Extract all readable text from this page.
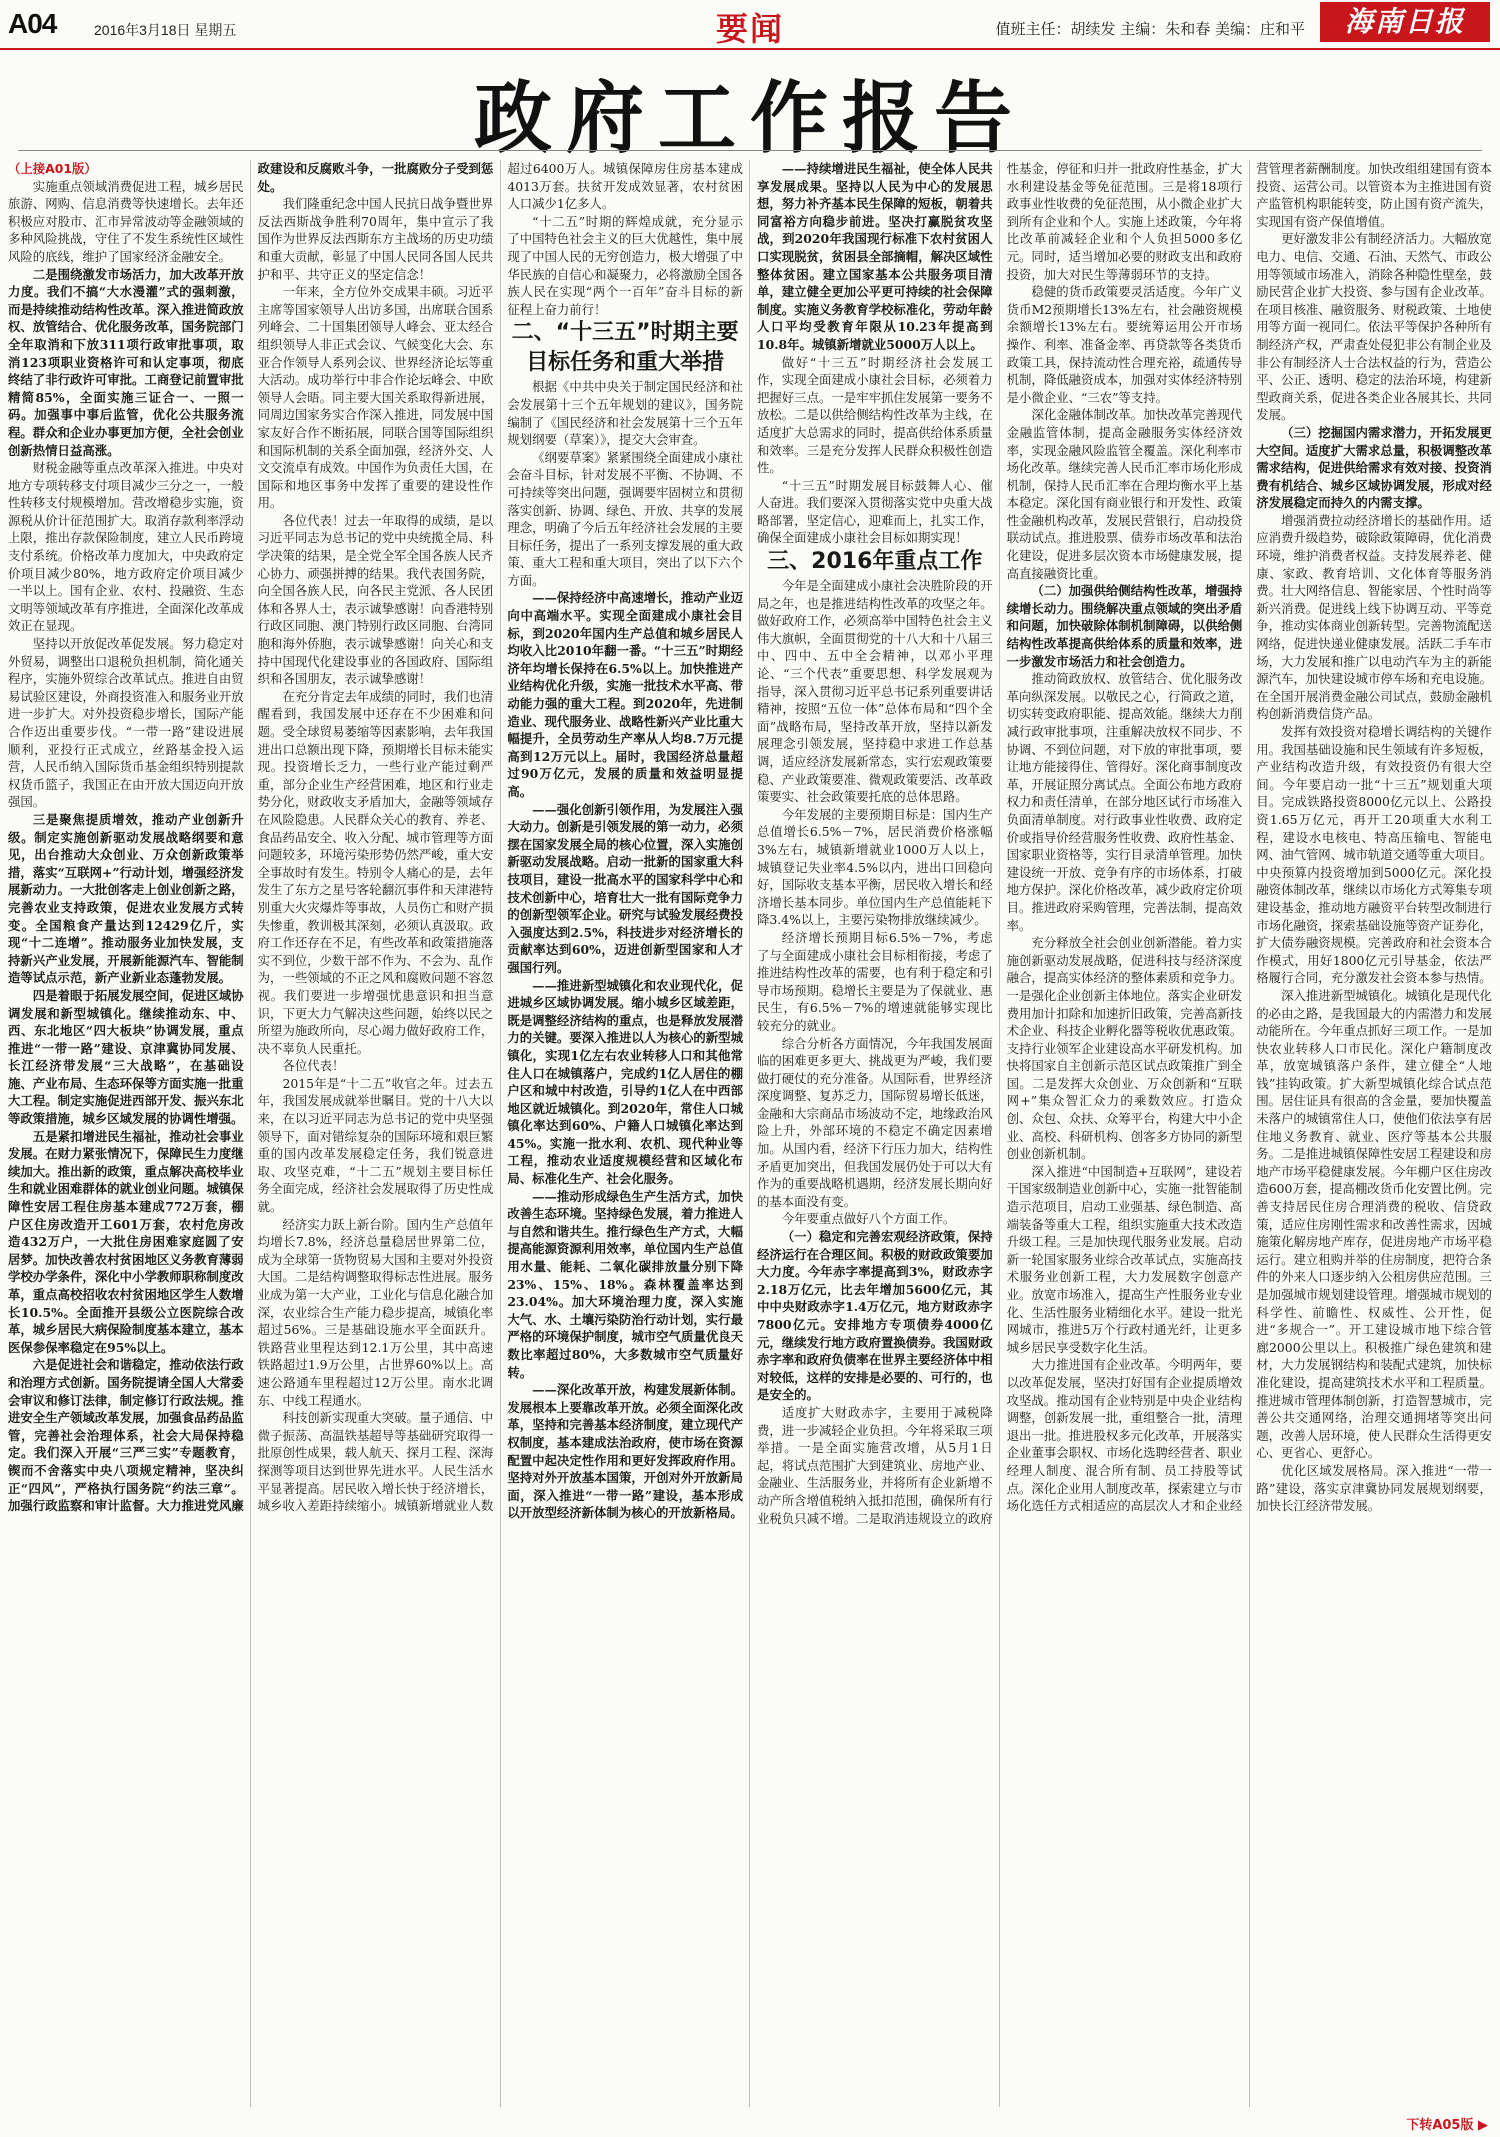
A04	2016年3月18日 星期五	要闻	值班主任：胡续发 主编：朱和春 美编：庄和平	海南日报
政府工作报告

（上接A01版）

实施重点领域消费促进工程，城乡居民旅游、网购、信息消费等快速增长。去年还积极应对股市、汇市异常波动等金融领域的多种风险挑战，守住了不发生系统性区域性风险的底线，维护了国家经济金融安全。

二是围绕激发市场活力，加大改革开放力度。我们不搞“大水漫灌”式的强刺激，而是持续推动结构性改革。深入推进简政放权、放管结合、优化服务改革，国务院部门全年取消和下放311项行政审批事项，取消123项职业资格许可和认定事项，彻底终结了非行政许可审批。工商登记前置审批精简85%，全面实施三证合一、一照一码。加强事中事后监管，优化公共服务流程。群众和企业办事更加方便，全社会创业创新热情日益高涨。

财税金融等重点改革深入推进。中央对地方专项转移支付项目减少三分之一，一般性转移支付规模增加。营改增稳步实施，资源税从价计征范围扩大。取消存款利率浮动上限，推出存款保险制度，建立人民币跨境支付系统。价格改革力度加大，中央政府定价项目减少80%，地方政府定价项目减少一半以上。国有企业、农村、投融资、生态文明等领域改革有序推进，全面深化改革成效正在显现。

坚持以开放促改革促发展。努力稳定对外贸易，调整出口退税负担机制，简化通关程序，实施外贸综合改革试点。推进自由贸易试验区建设，外商投资准入和服务业开放进一步扩大。对外投资稳步增长，国际产能合作迈出重要步伐。“一带一路”建设进展顺利，亚投行正式成立，丝路基金投入运营，人民币纳入国际货币基金组织特别提款权货币篮子，我国正在由开放大国迈向开放强国。

三是聚焦提质增效，推动产业创新升级。制定实施创新驱动发展战略纲要和意见，出台推动大众创业、万众创新政策举措，落实“互联网+”行动计划，增强经济发展新动力。一大批创客走上创业创新之路，完善农业支持政策，促进农业发展方式转变。全国粮食产量达到12429亿斤，实现“十二连增”。推动服务业加快发展，支持新兴产业发展，开展新能源汽车、智能制造等试点示范，新产业新业态蓬勃发展。

四是着眼于拓展发展空间，促进区域协调发展和新型城镇化。继续推动东、中、西、东北地区“四大板块”协调发展，重点推进“一带一路”建设、京津冀协同发展、长江经济带发展“三大战略”，在基础设施、产业布局、生态环保等方面实施一批重大工程。制定实施促进西部开发、振兴东北等政策措施，城乡区域发展的协调性增强。

五是紧扣增进民生福祉，推动社会事业发展。在财力紧张情况下，保障民生力度继续加大。推出新的政策，重点解决高校毕业生和就业困难群体的就业创业问题。城镇保障性安居工程住房基本建成772万套，棚户区住房改造开工601万套，农村危房改造432万户，一大批住房困难家庭圆了安居梦。加快改善农村贫困地区义务教育薄弱学校办学条件，深化中小学教师职称制度改革，重点高校招收农村贫困地区学生人数增长10.5%。全面推开县级公立医院综合改革，城乡居民大病保险制度基本建立，基本医保参保率稳定在95%以上。

六是促进社会和谐稳定，推动依法行政和治理方式创新。国务院提请全国人大常委会审议和修订法律，制定修订行政法规。推进安全生产领域改革发展，加强食品药品监管，完善社会治理体系，社会大局保持稳定。我们深入开展“三严三实”专题教育，锲而不舍落实中央八项规定精神，坚决纠正“四风”，严格执行国务院“约法三章”。加强行政监察和审计监督。大力推进党风廉政建设和反腐败斗争，一批腐败分子受到惩处。

我们隆重纪念中国人民抗日战争暨世界反法西斯战争胜利70周年，集中宣示了我国作为世界反法西斯东方主战场的历史功绩和重大贡献，彰显了中国人民同各国人民共护和平、共守正义的坚定信念！

一年来，全方位外交成果丰硕。习近平主席等国家领导人出访多国，出席联合国系列峰会、二十国集团领导人峰会、亚太经合组织领导人非正式会议、气候变化大会、东亚合作领导人系列会议、世界经济论坛等重大活动。成功举行中非合作论坛峰会、中欧领导人会晤。同主要大国关系取得新进展，同周边国家务实合作深入推进，同发展中国家友好合作不断拓展，同联合国等国际组织和国际机制的关系全面加强，经济外交、人文交流卓有成效。中国作为负责任大国，在国际和地区事务中发挥了重要的建设性作用。

各位代表！过去一年取得的成绩，是以习近平同志为总书记的党中央统揽全局、科学决策的结果，是全党全军全国各族人民齐心协力、顽强拼搏的结果。我代表国务院，向全国各族人民，向各民主党派、各人民团体和各界人士，表示诚挚感谢！向香港特别行政区同胞、澳门特别行政区同胞、台湾同胞和海外侨胞，表示诚挚感谢！向关心和支持中国现代化建设事业的各国政府、国际组织和各国朋友，表示诚挚感谢！

在充分肯定去年成绩的同时，我们也清醒看到，我国发展中还存在不少困难和问题。受全球贸易萎缩等因素影响，去年我国进出口总额出现下降，预期增长目标未能实现。投资增长乏力，一些行业产能过剩严重，部分企业生产经营困难，地区和行业走势分化，财政收支矛盾加大，金融等领域存在风险隐患。人民群众关心的教育、养老、食品药品安全、收入分配、城市管理等方面问题较多，环境污染形势仍然严峻，重大安全事故时有发生。特别令人痛心的是，去年发生了东方之星号客轮翻沉事件和天津港特别重大火灾爆炸等事故，人员伤亡和财产损失惨重，教训极其深刻，必须认真汲取。政府工作还存在不足，有些改革和政策措施落实不到位，少数干部不作为、不会为、乱作为，一些领域的不正之风和腐败问题不容忽视。我们要进一步增强忧患意识和担当意识，下更大力气解决这些问题，始终以民之所望为施政所向，尽心竭力做好政府工作，决不辜负人民重托。

各位代表！

2015年是“十二五”收官之年。过去五年，我国发展成就举世瞩目。党的十八大以来，在以习近平同志为总书记的党中央坚强领导下，面对错综复杂的国际环境和艰巨繁重的国内改革发展稳定任务，我们锐意进取、攻坚克难，“十二五”规划主要目标任务全面完成，经济社会发展取得了历史性成就。

经济实力跃上新台阶。国内生产总值年均增长7.8%，经济总量稳居世界第二位，成为全球第一货物贸易大国和主要对外投资大国。二是结构调整取得标志性进展。服务业成为第一大产业，工业化与信息化融合加深，农业综合生产能力稳步提高，城镇化率超过56%。三是基础设施水平全面跃升。铁路营业里程达到12.1万公里，其中高速铁路超过1.9万公里，占世界60%以上。高速公路通车里程超过12万公里。南水北调东、中线工程通水。

科技创新实现重大突破。量子通信、中微子振荡、高温铁基超导等基础研究取得一批原创性成果，载人航天、探月工程、深海探测等项目达到世界先进水平。人民生活水平显著提高。居民收入增长快于经济增长，城乡收入差距持续缩小。城镇新增就业人数超过6400万人。城镇保障房住房基本建成4013万套。扶贫开发成效显著，农村贫困人口减少1亿多人。

“十二五”时期的辉煌成就，充分显示了中国特色社会主义的巨大优越性，集中展现了中国人民的无穷创造力，极大增强了中华民族的自信心和凝聚力，必将激励全国各族人民在实现“两个一百年”奋斗目标的新征程上奋力前行！

二、“十三五”时期主要目标任务和重大举措

根据《中共中央关于制定国民经济和社会发展第十三个五年规划的建议》，国务院编制了《国民经济和社会发展第十三个五年规划纲要（草案）》，提交大会审查。

《纲要草案》紧紧围绕全面建成小康社会奋斗目标，针对发展不平衡、不协调、不可持续等突出问题，强调要牢固树立和贯彻落实创新、协调、绿色、开放、共享的发展理念，明确了今后五年经济社会发展的主要目标任务，提出了一系列支撑发展的重大政策、重大工程和重大项目，突出了以下六个方面。

——保持经济中高速增长，推动产业迈向中高端水平。实现全面建成小康社会目标，到2020年国内生产总值和城乡居民人均收入比2010年翻一番。“十三五”时期经济年均增长保持在6.5%以上。加快推进产业结构优化升级，实施一批技术水平高、带动能力强的重大工程。到2020年，先进制造业、现代服务业、战略性新兴产业比重大幅提升，全员劳动生产率从人均8.7万元提高到12万元以上。届时，我国经济总量超过90万亿元，发展的质量和效益明显提高。

——强化创新引领作用，为发展注入强大动力。创新是引领发展的第一动力，必须摆在国家发展全局的核心位置，深入实施创新驱动发展战略。启动一批新的国家重大科技项目，建设一批高水平的国家科学中心和技术创新中心，培育壮大一批有国际竞争力的创新型领军企业。研究与试验发展经费投入强度达到2.5%，科技进步对经济增长的贡献率达到60%，迈进创新型国家和人才强国行列。

——推进新型城镇化和农业现代化，促进城乡区域协调发展。缩小城乡区域差距，既是调整经济结构的重点，也是释放发展潜力的关键。要深入推进以人为核心的新型城镇化，实现1亿左右农业转移人口和其他常住人口在城镇落户，完成约1亿人居住的棚户区和城中村改造，引导约1亿人在中西部地区就近城镇化。到2020年，常住人口城镇化率达到60%、户籍人口城镇化率达到45%。实施一批水利、农机、现代种业等工程，推动农业适度规模经营和区域化布局、标准化生产、社会化服务。

——推动形成绿色生产生活方式，加快改善生态环境。坚持绿色发展，着力推进人与自然和谐共生。推行绿色生产方式，大幅提高能源资源利用效率，单位国内生产总值用水量、能耗、二氧化碳排放量分别下降23%、15%、18%。森林覆盖率达到23.04%。加大环境治理力度，深入实施大气、水、土壤污染防治行动计划，实行最严格的环境保护制度，城市空气质量优良天数比率超过80%，大多数城市空气质量好转。

——深化改革开放，构建发展新体制。发展根本上要靠改革开放。必须全面深化改革，坚持和完善基本经济制度，建立现代产权制度，基本建成法治政府，使市场在资源配置中起决定性作用和更好发挥政府作用。坚持对外开放基本国策，开创对外开放新局面，深入推进“一带一路”建设，基本形成以开放型经济新体制为核心的开放新格局。

——持续增进民生福祉，使全体人民共享发展成果。坚持以人民为中心的发展思想，努力补齐基本民生保障的短板，朝着共同富裕方向稳步前进。坚决打赢脱贫攻坚战，到2020年我国现行标准下农村贫困人口实现脱贫，贫困县全部摘帽，解决区域性整体贫困。建立国家基本公共服务项目清单，建立健全更加公平更可持续的社会保障制度。实施义务教育学校标准化，劳动年龄人口平均受教育年限从10.23年提高到10.8年。城镇新增就业5000万人以上。

做好“十三五”时期经济社会发展工作，实现全面建成小康社会目标，必须着力把握好三点。一是牢牢抓住发展第一要务不放松。二是以供给侧结构性改革为主线，在适度扩大总需求的同时，提高供给体系质量和效率。三是充分发挥人民群众积极性创造性。

“十三五”时期发展目标鼓舞人心、催人奋进。我们要深入贯彻落实党中央重大战略部署，坚定信心，迎难而上，扎实工作，确保全面建成小康社会目标如期实现！

三、2016年重点工作

今年是全面建成小康社会决胜阶段的开局之年，也是推进结构性改革的攻坚之年。做好政府工作，必须高举中国特色社会主义伟大旗帜，全面贯彻党的十八大和十八届三中、四中、五中全会精神，以邓小平理论、“三个代表”重要思想、科学发展观为指导，深入贯彻习近平总书记系列重要讲话精神，按照“五位一体”总体布局和“四个全面”战略布局，坚持改革开放，坚持以新发展理念引领发展，坚持稳中求进工作总基调，适应经济发展新常态，实行宏观政策要稳、产业政策要准、微观政策要活、改革政策要实、社会政策要托底的总体思路。

今年发展的主要预期目标是：国内生产总值增长6.5%－7%，居民消费价格涨幅3%左右，城镇新增就业1000万人以上，城镇登记失业率4.5%以内，进出口回稳向好，国际收支基本平衡，居民收入增长和经济增长基本同步。单位国内生产总值能耗下降3.4%以上，主要污染物排放继续减少。

经济增长预期目标6.5%－7%，考虑了与全面建成小康社会目标相衔接，考虑了推进结构性改革的需要，也有利于稳定和引导市场预期。稳增长主要是为了保就业、惠民生，有6.5%－7%的增速就能够实现比较充分的就业。

综合分析各方面情况，今年我国发展面临的困难更多更大、挑战更为严峻，我们要做打硬仗的充分准备。从国际看，世界经济深度调整、复苏乏力，国际贸易增长低迷，金融和大宗商品市场波动不定，地缘政治风险上升，外部环境的不稳定不确定因素增加。从国内看，经济下行压力加大，结构性矛盾更加突出，但我国发展仍处于可以大有作为的重要战略机遇期，经济发展长期向好的基本面没有变。

今年要重点做好八个方面工作。

（一）稳定和完善宏观经济政策，保持经济运行在合理区间。积极的财政政策要加大力度。今年赤字率提高到3%，财政赤字2.18万亿元，比去年增加5600亿元，其中中央财政赤字1.4万亿元，地方财政赤字7800亿元。安排地方专项债券4000亿元，继续发行地方政府置换债券。我国财政赤字率和政府负债率在世界主要经济体中相对较低，这样的安排是必要的、可行的，也是安全的。

适度扩大财政赤字，主要用于减税降费，进一步减轻企业负担。今年将采取三项举措。一是全面实施营改增，从5月1日起，将试点范围扩大到建筑业、房地产业、金融业、生活服务业，并将所有企业新增不动产所含增值税纳入抵扣范围，确保所有行业税负只减不增。二是取消违规设立的政府性基金，停征和归并一批政府性基金，扩大水利建设基金等免征范围。三是将18项行政事业性收费的免征范围，从小微企业扩大到所有企业和个人。实施上述政策，今年将比改革前减轻企业和个人负担5000多亿元。同时，适当增加必要的财政支出和政府投资，加大对民生等薄弱环节的支持。

稳健的货币政策要灵活适度。今年广义货币M2预期增长13%左右，社会融资规模余额增长13%左右。要统筹运用公开市场操作、利率、准备金率、再贷款等各类货币政策工具，保持流动性合理充裕，疏通传导机制，降低融资成本，加强对实体经济特别是小微企业、“三农”等支持。

深化金融体制改革。加快改革完善现代金融监管体制，提高金融服务实体经济效率，实现金融风险监管全覆盖。深化利率市场化改革。继续完善人民币汇率市场化形成机制，保持人民币汇率在合理均衡水平上基本稳定。深化国有商业银行和开发性、政策性金融机构改革，发展民营银行，启动投贷联动试点。推进股票、债券市场改革和法治化建设，促进多层次资本市场健康发展，提高直接融资比重。

（二）加强供给侧结构性改革，增强持续增长动力。围绕解决重点领域的突出矛盾和问题，加快破除体制机制障碍，以供给侧结构性改革提高供给体系的质量和效率，进一步激发市场活力和社会创造力。

推动简政放权、放管结合、优化服务改革向纵深发展。以敬民之心，行简政之道，切实转变政府职能、提高效能。继续大力削减行政审批事项，注重解决放权不同步、不协调、不到位问题，对下放的审批事项，要让地方能接得住、管得好。深化商事制度改革，开展证照分离试点。全面公布地方政府权力和责任清单，在部分地区试行市场准入负面清单制度。对行政事业性收费、政府定价或指导价经营服务性收费、政府性基金、国家职业资格等，实行目录清单管理。加快建设统一开放、竞争有序的市场体系，打破地方保护。深化价格改革，减少政府定价项目。推进政府采购管理，完善法制，提高效率。

充分释放全社会创业创新潜能。着力实施创新驱动发展战略，促进科技与经济深度融合，提高实体经济的整体素质和竞争力。一是强化企业创新主体地位。落实企业研发费用加计扣除和加速折旧政策，完善高新技术企业、科技企业孵化器等税收优惠政策。支持行业领军企业建设高水平研发机构。加快将国家自主创新示范区试点政策推广到全国。二是发挥大众创业、万众创新和“互联网+”集众智汇众力的乘数效应。打造众创、众包、众扶、众筹平台，构建大中小企业、高校、科研机构、创客多方协同的新型创业创新机制。

深入推进“中国制造+互联网”，建设若干国家级制造业创新中心，实施一批智能制造示范项目，启动工业强基、绿色制造、高端装备等重大工程，组织实施重大技术改造升级工程。三是加快现代服务业发展。启动新一轮国家服务业综合改革试点，实施高技术服务业创新工程，大力发展数字创意产业。放宽市场准入，提高生产性服务业专业化、生活性服务业精细化水平。建设一批光网城市，推进5万个行政村通光纤，让更多城乡居民享受数字化生活。

大力推进国有企业改革。今明两年，要以改革促发展，坚决打好国有企业提质增效攻坚战。推动国有企业特别是中央企业结构调整，创新发展一批，重组整合一批，清理退出一批。推进股权多元化改革，开展落实企业董事会职权、市场化选聘经营者、职业经理人制度、混合所有制、员工持股等试点。深化企业用人制度改革，探索建立与市场化选任方式相适应的高层次人才和企业经营管理者薪酬制度。加快改组组建国有资本投资、运营公司。以管资本为主推进国有资产监管机构职能转变，防止国有资产流失，实现国有资产保值增值。

更好激发非公有制经济活力。大幅放宽电力、电信、交通、石油、天然气、市政公用等领域市场准入，消除各种隐性壁垒，鼓励民营企业扩大投资、参与国有企业改革。在项目核准、融资服务、财税政策、土地使用等方面一视同仁。依法平等保护各种所有制经济产权，严肃查处侵犯非公有制企业及非公有制经济人士合法权益的行为，营造公平、公正、透明、稳定的法治环境，构建新型政商关系，促进各类企业各展其长、共同发展。

（三）挖掘国内需求潜力，开拓发展更大空间。适度扩大需求总量，积极调整改革需求结构，促进供给需求有效对接、投资消费有机结合、城乡区域协调发展，形成对经济发展稳定而持久的内需支撑。

增强消费拉动经济增长的基础作用。适应消费升级趋势，破除政策障碍，优化消费环境，维护消费者权益。支持发展养老、健康、家政、教育培训、文化体育等服务消费。壮大网络信息、智能家居、个性时尚等新兴消费。促进线上线下协调互动、平等竞争，推动实体商业创新转型。完善物流配送网络，促进快递业健康发展。活跃二手车市场，大力发展和推广以电动汽车为主的新能源汽车，加快建设城市停车场和充电设施。在全国开展消费金融公司试点，鼓励金融机构创新消费信贷产品。

发挥有效投资对稳增长调结构的关键作用。我国基础设施和民生领域有许多短板，产业结构改造升级，有效投资仍有很大空间。今年要启动一批“十三五”规划重大项目。完成铁路投资8000亿元以上、公路投资1.65万亿元，再开工20项重大水利工程，建设水电核电、特高压输电、智能电网、油气管网、城市轨道交通等重大项目。中央预算内投资增加到5000亿元。深化投融资体制改革，继续以市场化方式筹集专项建设基金，推动地方融资平台转型改制进行市场化融资，探索基础设施等资产证券化，扩大债券融资规模。完善政府和社会资本合作模式，用好1800亿元引导基金，依法严格履行合同，充分激发社会资本参与热情。

深入推进新型城镇化。城镇化是现代化的必由之路，是我国最大的内需潜力和发展动能所在。今年重点抓好三项工作。一是加快农业转移人口市民化。深化户籍制度改革，放宽城镇落户条件，建立健全“人地钱”挂钩政策。扩大新型城镇化综合试点范围。居住证具有很高的含金量，要加快覆盖未落户的城镇常住人口，使他们依法享有居住地义务教育、就业、医疗等基本公共服务。二是推进城镇保障性安居工程建设和房地产市场平稳健康发展。今年棚户区住房改造600万套，提高棚改货币化安置比例。完善支持居民住房合理消费的税收、信贷政策，适应住房刚性需求和改善性需求，因城施策化解房地产库存，促进房地产市场平稳运行。建立租购并举的住房制度，把符合条件的外来人口逐步纳入公租房供应范围。三是加强城市规划建设管理。增强城市规划的科学性、前瞻性、权威性、公开性，促进“多规合一”。开工建设城市地下综合管廊2000公里以上。积极推广绿色建筑和建材，大力发展钢结构和装配式建筑，加快标准化建设，提高建筑技术水平和工程质量。推进城市管理体制创新，打造智慧城市，完善公共交通网络，治理交通拥堵等突出问题，改善人居环境，使人民群众生活得更安心、更省心、更舒心。

优化区域发展格局。深入推进“一带一路”建设，落实京津冀协同发展规划纲要，加快长江经济带发展。

下转A05版 ▶
